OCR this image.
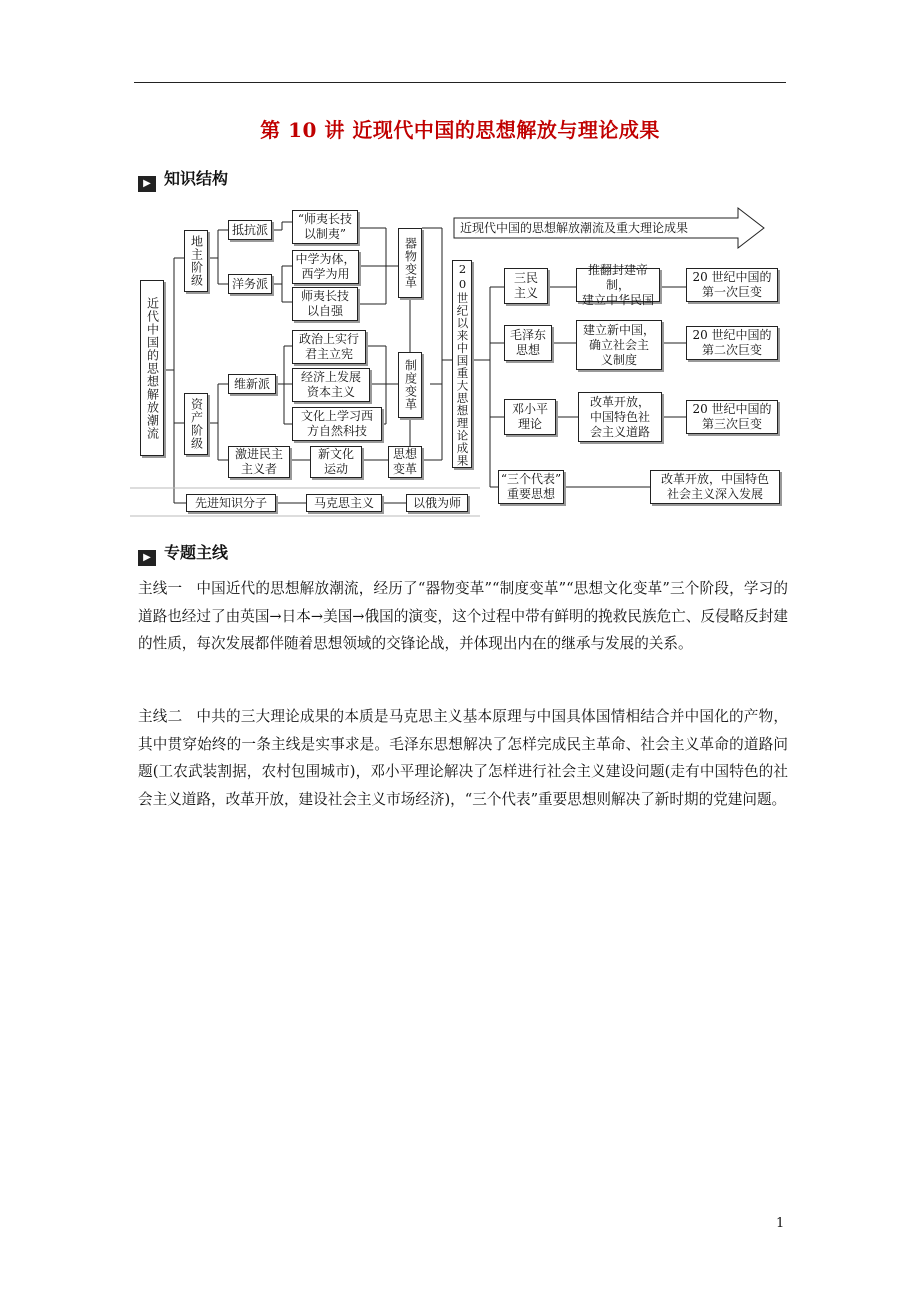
第 10 讲 近现代中国的思想解放与理论成果
▶ 知识结构
近现代中国的思想解放潮流及重大理论成果
近代中国的思想解放潮流
地主阶级
抵抗派
“师夷长技
以制夷”
洋务派
中学为体，
西学为用
师夷长技
以自强
器物变革
资产阶级
维新派
政治上实行
君主立宪
经济上发展
资本主义
文化上学习西
方自然科技
制度变革
激进民主
主义者
新文化
运动
思想
变革
先进知识分子	马克思主义	以俄为师
20世纪以来中国重大思想理论成果	三民
主义
推翻封建帝制，
建立中华民国
20 世纪中国的
第一次巨变
毛泽东
思想
建立新中国，
确立社会主
义制度
20 世纪中国的
第二次巨变
邓小平
理论
改革开放，
中国特色社
会主义道路
20 世纪中国的
第三次巨变
“三个代表”
重要思想
改革开放，中国特色
社会主义深入发展
▶ 专题主线
主线一 中国近代的思想解放潮流，经历了“器物变革”“制度变革”“思想文化变革”三个阶段，学习的道路也经过了由英国→日本→美国→俄国的演变，这个过程中带有鲜明的挽救民族危亡、反侵略反封建的性质，每次发展都伴随着思想领域的交锋论战，并体现出内在的继承与发展的关系。
主线二 中共的三大理论成果的本质是马克思主义基本原理与中国具体国情相结合并中国化的产物，其中贯穿始终的一条主线是实事求是。毛泽东思想解决了怎样完成民主革命、社会主义革命的道路问题(工农武装割据，农村包围城市)，邓小平理论解决了怎样进行社会主义建设问题(走有中国特色的社会主义道路，改革开放，建设社会主义市场经济)，“三个代表”重要思想则解决了新时期的党建问题。
1
